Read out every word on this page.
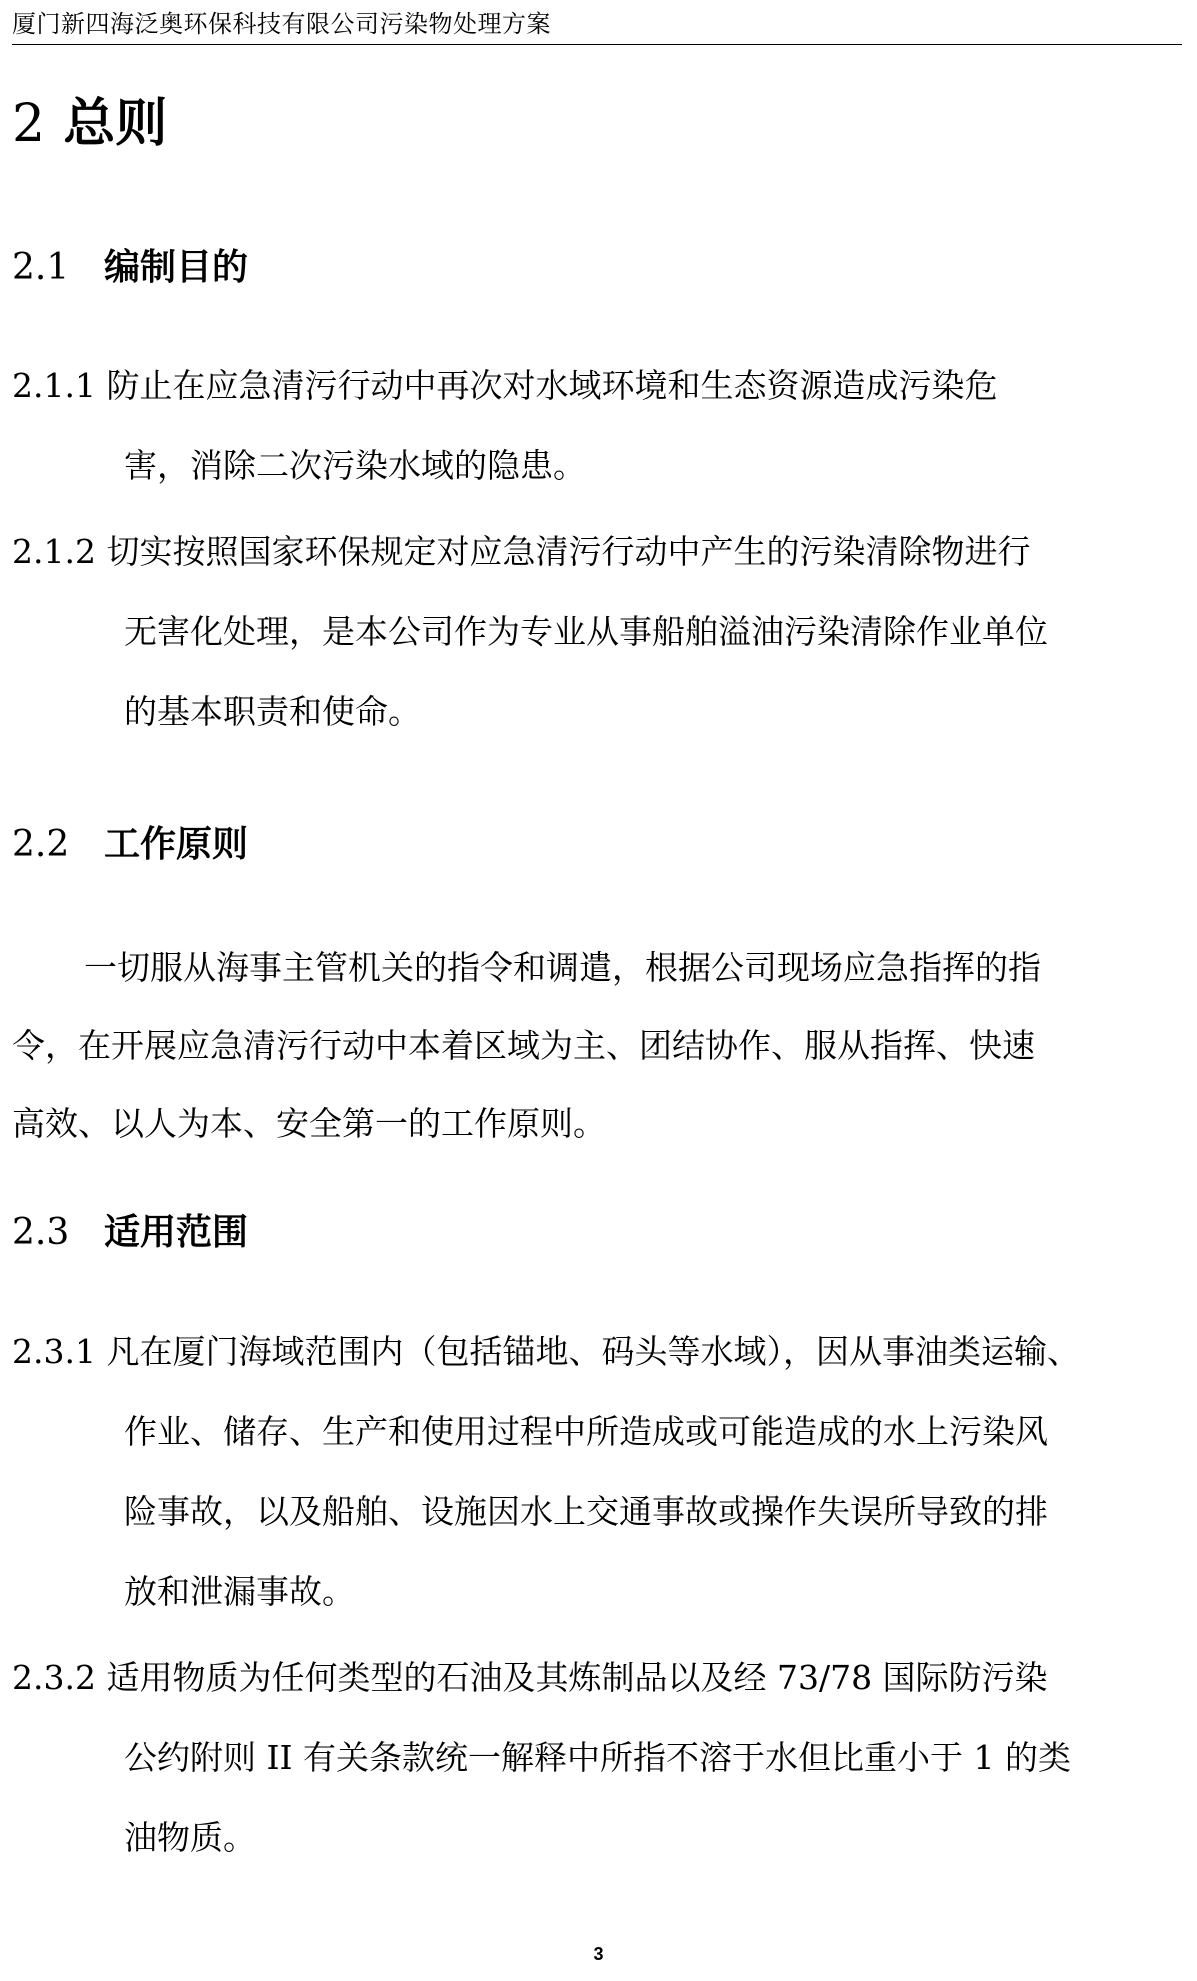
厦门新四海泛奥环保科技有限公司污染物处理方案
2 总则
2.1 编制目的
2.1.1 防止在应急清污行动中再次对水域环境和生态资源造成污染危
害，消除二次污染水域的隐患。
2.1.2 切实按照国家环保规定对应急清污行动中产生的污染清除物进行
无害化处理，是本公司作为专业从事船舶溢油污染清除作业单位
的基本职责和使命。
2.2 工作原则
一切服从海事主管机关的指令和调遣，根据公司现场应急指挥的指
令，在开展应急清污行动中本着区域为主、团结协作、服从指挥、快速
高效、以人为本、安全第一的工作原则。
2.3 适用范围
2.3.1 凡在厦门海域范围内（包括锚地、码头等水域），因从事油类运输、
作业、储存、生产和使用过程中所造成或可能造成的水上污染风
险事故，以及船舶、设施因水上交通事故或操作失误所导致的排
放和泄漏事故。
2.3.2 适用物质为任何类型的石油及其炼制品以及经 73/78 国际防污染
公约附则 II 有关条款统一解释中所指不溶于水但比重小于 1 的类
油物质。
3
